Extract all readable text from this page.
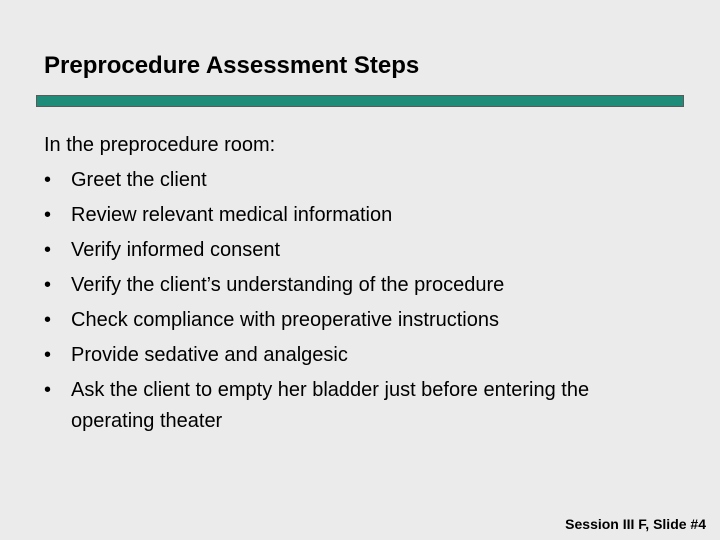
Preprocedure Assessment Steps
In the preprocedure room:
• Greet the client
• Review relevant medical information
• Verify informed consent
• Verify the client’s understanding of the procedure
• Check compliance with preoperative instructions
• Provide sedative and analgesic
• Ask the client to empty her bladder just before entering the operating theater
Session III F, Slide #4
